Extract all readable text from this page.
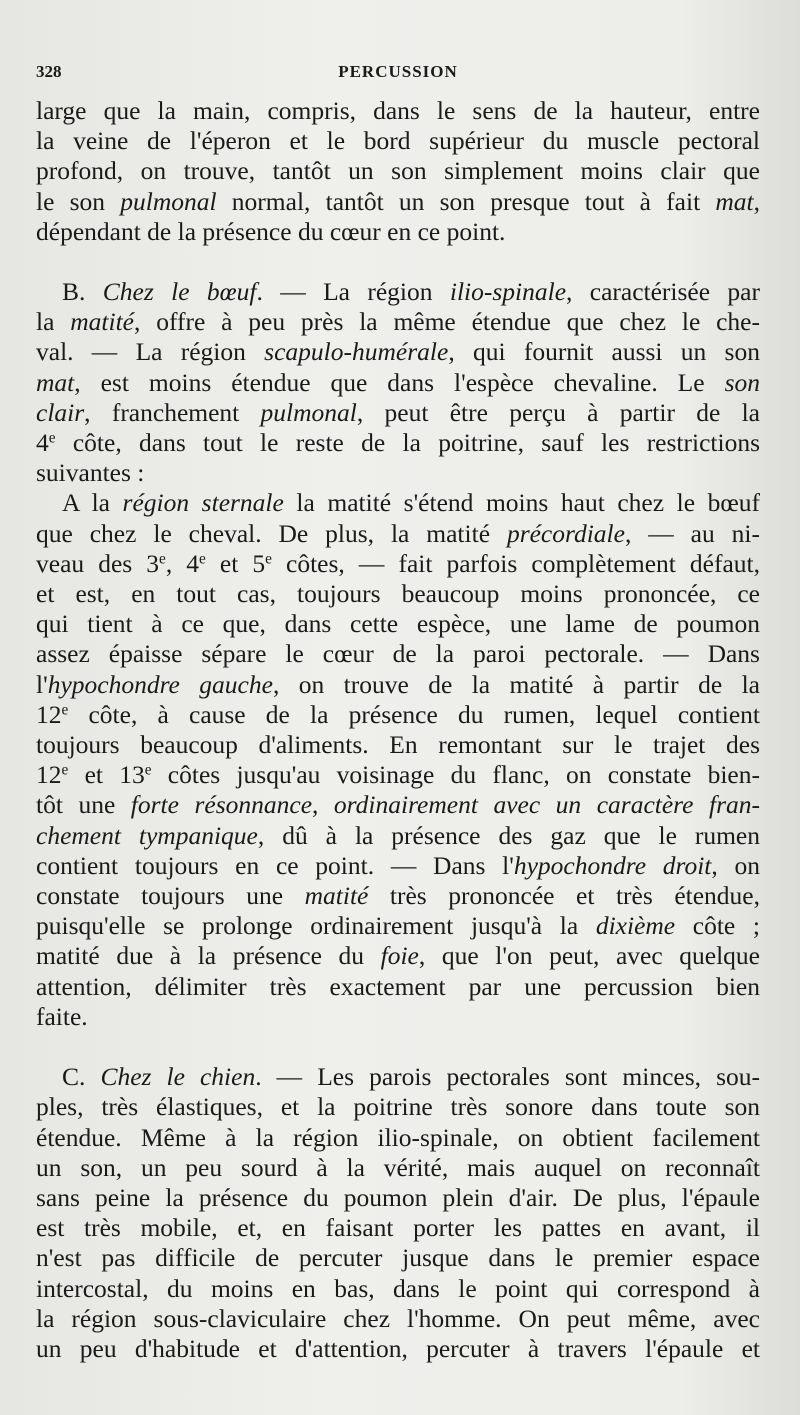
328	PERCUSSION
large que la main, compris, dans le sens de la hauteur, entre
la veine de l'éperon et le bord supérieur du muscle pectoral
profond, on trouve, tantôt un son simplement moins clair que
le son pulmonal normal, tantôt un son presque tout à fait mat,
dépendant de la présence du cœur en ce point.
B. Chez le bœuf. — La région ilio-spinale, caractérisée par
la matité, offre à peu près la même étendue que chez le che-
val. — La région scapulo-humérale, qui fournit aussi un son
mat, est moins étendue que dans l'espèce chevaline. Le son
clair, franchement pulmonal, peut être perçu à partir de la
4e côte, dans tout le reste de la poitrine, sauf les restrictions
suivantes :
A la région sternale la matité s'étend moins haut chez le bœuf
que chez le cheval. De plus, la matité précordiale, — au ni-
veau des 3e, 4e et 5e côtes, — fait parfois complètement défaut,
et est, en tout cas, toujours beaucoup moins prononcée, ce
qui tient à ce que, dans cette espèce, une lame de poumon
assez épaisse sépare le cœur de la paroi pectorale. — Dans
l'hypochondre gauche, on trouve de la matité à partir de la
12e côte, à cause de la présence du rumen, lequel contient
toujours beaucoup d'aliments. En remontant sur le trajet des
12e et 13e côtes jusqu'au voisinage du flanc, on constate bien-
tôt une forte résonnance, ordinairement avec un caractère fran-
chement tympanique, dû à la présence des gaz que le rumen
contient toujours en ce point. — Dans l'hypochondre droit, on
constate toujours une matité très prononcée et très étendue,
puisqu'elle se prolonge ordinairement jusqu'à la dixième côte ;
matité due à la présence du foie, que l'on peut, avec quelque
attention, délimiter très exactement par une percussion bien
faite.
C. Chez le chien. — Les parois pectorales sont minces, sou-
ples, très élastiques, et la poitrine très sonore dans toute son
étendue. Même à la région ilio-spinale, on obtient facilement
un son, un peu sourd à la vérité, mais auquel on reconnaît
sans peine la présence du poumon plein d'air. De plus, l'épaule
est très mobile, et, en faisant porter les pattes en avant, il
n'est pas difficile de percuter jusque dans le premier espace
intercostal, du moins en bas, dans le point qui correspond à
la région sous-claviculaire chez l'homme. On peut même, avec
un peu d'habitude et d'attention, percuter à travers l'épaule et
